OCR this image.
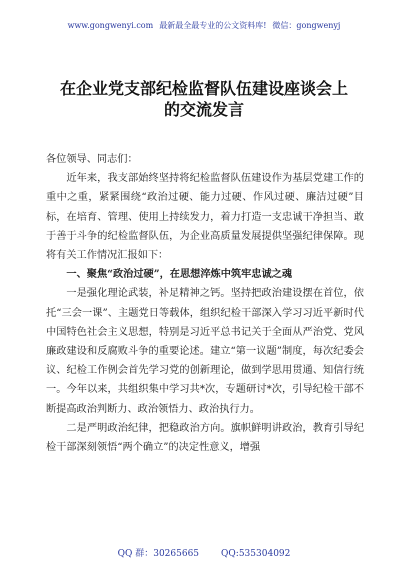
www.gongwenyi.com 最新最全最专业的公文资料库! 微信：gongwenyj
在企业党支部纪检监督队伍建设座谈会上
的交流发言

各位领导、同志们：

近年来，我支部始终坚持将纪检监督队伍建设作为基层党建工作的重中之重，紧紧围绕“政治过硬、能力过硬、作风过硬、廉洁过硬”目标，在培育、管理、使用上持续发力，着力打造一支忠诚干净担当、敢于善于斗争的纪检监督队伍，为企业高质量发展提供坚强纪律保障。现将有关工作情况汇报如下：

一、聚焦“政治过硬”，在思想淬炼中筑牢忠诚之魂

一是强化理论武装，补足精神之钙。坚持把政治建设摆在首位，依托“三会一课”、主题党日等载体，组织纪检干部深入学习习近平新时代中国特色社会主义思想，特别是习近平总书记关于全面从严治党、党风廉政建设和反腐败斗争的重要论述。建立“第一议题”制度，每次纪委会议、纪检工作例会首先学习党的创新理论，做到学思用贯通、知信行统一。今年以来，共组织集中学习共*次，专题研讨*次，引导纪检干部不断提高政治判断力、政治领悟力、政治执行力。

二是严明政治纪律，把稳政治方向。旗帜鲜明讲政治，教育引导纪检干部深刻领悟“两个确立”的决定性意义，增强

QQ 群：30265665 QQ:535304092
